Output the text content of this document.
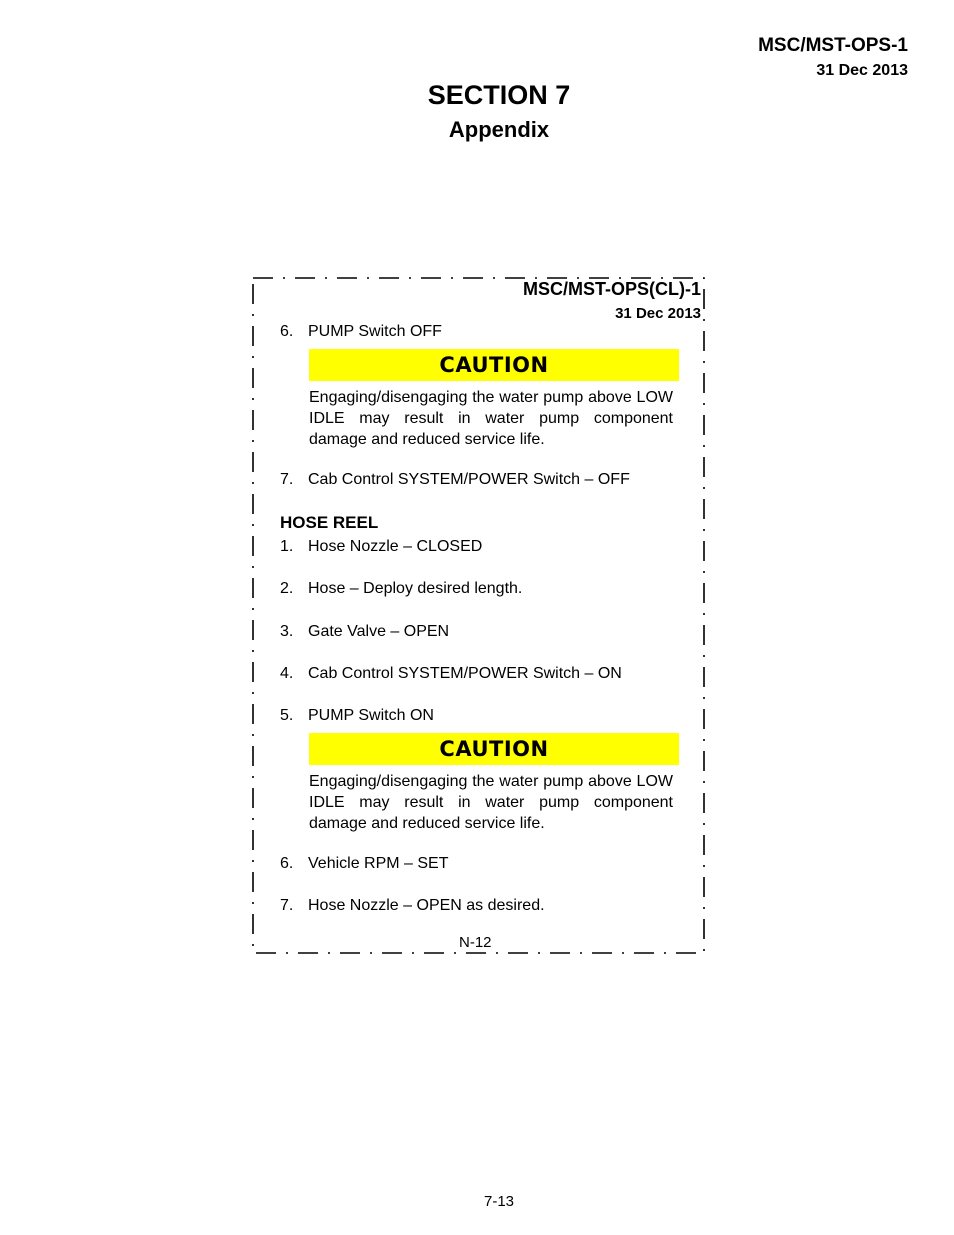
MSC/MST-OPS-1
31 Dec 2013
SECTION 7
Appendix
MSC/MST-OPS(CL)-1
31 Dec 2013
6. PUMP Switch OFF
CAUTION
Engaging/disengaging the water pump above LOW IDLE may result in water pump component damage and reduced service life.
7. Cab Control SYSTEM/POWER Switch – OFF
HOSE REEL
1. Hose Nozzle – CLOSED
2. Hose – Deploy desired length.
3. Gate Valve – OPEN
4. Cab Control SYSTEM/POWER Switch – ON
5. PUMP Switch ON
CAUTION
Engaging/disengaging the water pump above LOW IDLE may result in water pump component damage and reduced service life.
6. Vehicle RPM – SET
7. Hose Nozzle – OPEN as desired.
N-12
7-13
